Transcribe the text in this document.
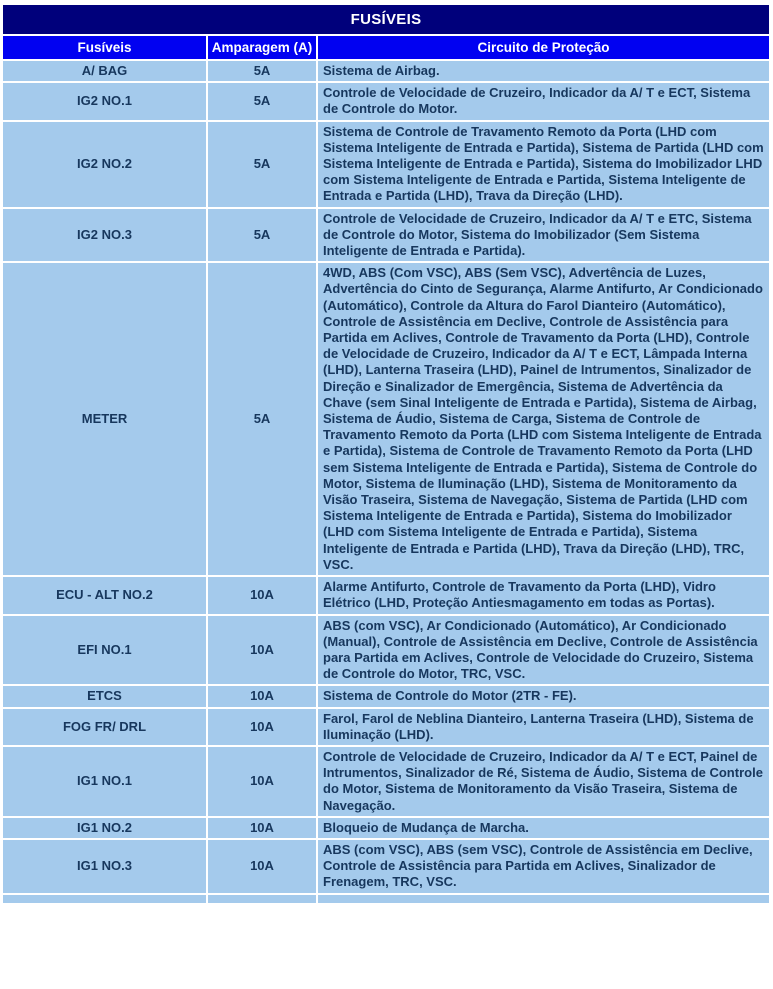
FUSÍVEIS		
Fusíveis	Amparagem (A)	Circuito de Proteção
A/ BAG	5A	Sistema de Airbag.

IG2 NO.1	5A	Controle de Velocidade de Cruzeiro, Indicador da A/ T e ECT, Sistema de Controle do Motor.

IG2 NO.2	5A	Sistema de Controle de Travamento Remoto da Porta (LHD com Sistema Inteligente de Entrada e Partida), Sistema de Partida (LHD com Sistema Inteligente de Entrada e Partida), Sistema do Imobilizador LHD com Sistema Inteligente de Entrada e Partida, Sistema Inteligente de Entrada e Partida (LHD), Trava da Direção (LHD).

IG2 NO.3	5A	Controle de Velocidade de Cruzeiro, Indicador da A/ T e ETC, Sistema de Controle do Motor, Sistema do Imobilizador (Sem Sistema Inteligente de Entrada e Partida).

METER	5A	4WD, ABS (Com VSC), ABS (Sem VSC), Advertência de Luzes, Advertência do Cinto de Segurança, Alarme Antifurto, Ar Condicionado (Automático), Controle da Altura do Farol Dianteiro (Automático), Controle de Assistência em Declive, Controle de Assistência para Partida em Aclives, Controle de Travamento da Porta (LHD), Controle de Velocidade de Cruzeiro, Indicador da A/ T e ECT, Lâmpada Interna (LHD), Lanterna Traseira (LHD), Painel de Intrumentos, Sinalizador de Direção e Sinalizador de Emergência, Sistema de Advertência da Chave (sem Sinal Inteligente de Entrada e Partida), Sistema de Airbag, Sistema de Áudio, Sistema de Carga, Sistema de Controle de Travamento Remoto da Porta (LHD com Sistema Inteligente de Entrada e Partida), Sistema de Controle de Travamento Remoto da Porta (LHD sem Sistema Inteligente de Entrada e Partida), Sistema de Controle do Motor, Sistema de Iluminação (LHD), Sistema de Monitoramento da Visão Traseira, Sistema de Navegação, Sistema de Partida (LHD com Sistema Inteligente de Entrada e Partida), Sistema do Imobilizador (LHD com Sistema Inteligente de Entrada e Partida), Sistema Inteligente de Entrada e Partida (LHD), Trava da Direção (LHD), TRC, VSC.

ECU - ALT NO.2	10A	Alarme Antifurto, Controle de Travamento da Porta (LHD), Vidro Elétrico (LHD, Proteção Antiesmagamento em todas as Portas).

EFI NO.1	10A	ABS (com VSC), Ar Condicionado (Automático), Ar Condicionado (Manual), Controle de Assistência em Declive, Controle de Assistência para Partida em Aclives, Controle de Velocidade do Cruzeiro, Sistema de Controle do Motor, TRC, VSC.

ETCS	10A	Sistema de Controle do Motor (2TR - FE).

FOG FR/ DRL	10A	Farol, Farol de Neblina Dianteiro, Lanterna Traseira (LHD), Sistema de Iluminação (LHD).

IG1 NO.1	10A	Controle de Velocidade de Cruzeiro, Indicador da A/ T e ECT, Painel de Intrumentos, Sinalizador de Ré, Sistema de Áudio, Sistema de Controle do Motor, Sistema de Monitoramento da Visão Traseira, Sistema de Navegação.

IG1 NO.2	10A	Bloqueio de Mudança de Marcha.

IG1 NO.3	10A	ABS (com VSC), ABS (sem VSC), Controle de Assistência em Declive, Controle de Assistência para Partida em Aclives, Sinalizador de Frenagem, TRC, VSC.
